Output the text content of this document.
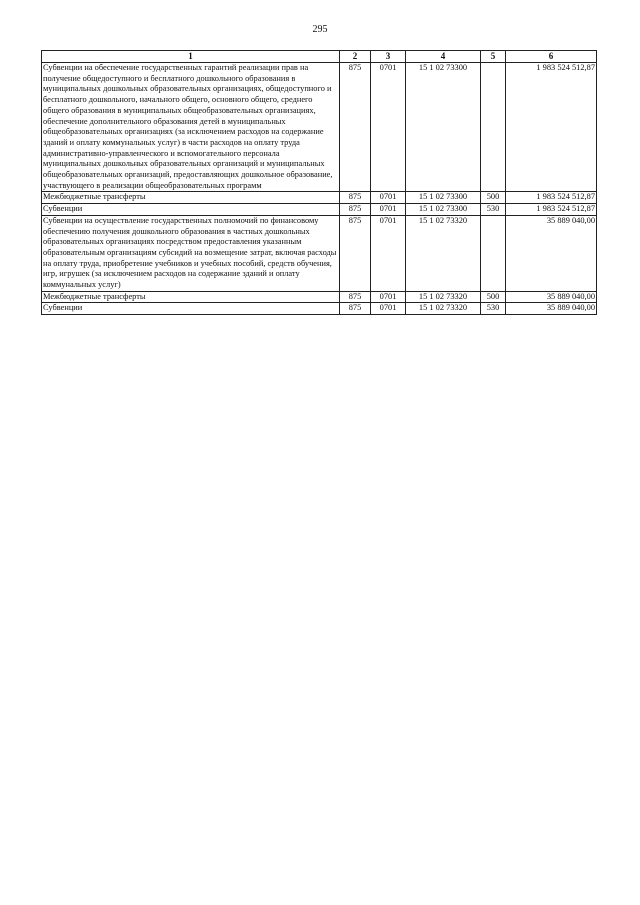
295
1	2	3	4	5	6
Субвенции на обеспечение государственных гарантий реализации прав на получение общедоступного и бесплатного дошкольного образования в муниципальных дошкольных образовательных организациях, общедоступного и бесплатного дошкольного, начального общего, основного общего, среднего общего образования в муниципальных общеобразовательных организациях, обеспечение дополнительного образования детей в муниципальных общеобразовательных организациях (за исключением расходов на содержание зданий и оплату коммунальных услуг) в части расходов на оплату труда административно-управленческого и вспомогательного персонала муниципальных дошкольных образовательных организаций и муниципальных общеобразовательных организаций, предоставляющих дошкольное образование, участвующего в реализации общеобразовательных программ	875	0701	15 1 02 73300		1 983 524 512,87
Межбюджетные трансферты	875	0701	15 1 02 73300	500	1 983 524 512,87
Субвенции	875	0701	15 1 02 73300	530	1 983 524 512,87
Субвенции на осуществление государственных полномочий по финансовому обеспечению получения дошкольного образования в частных дошкольных образовательных организациях посредством предоставления указанным образовательным организациям субсидий на возмещение затрат, включая расходы на оплату труда, приобретение учебников и учебных пособий, средств обучения, игр, игрушек (за исключением расходов на содержание зданий и оплату коммунальных услуг)	875	0701	15 1 02 73320		35 889 040,00
Межбюджетные трансферты	875	0701	15 1 02 73320	500	35 889 040,00
Субвенции	875	0701	15 1 02 73320	530	35 889 040,00
